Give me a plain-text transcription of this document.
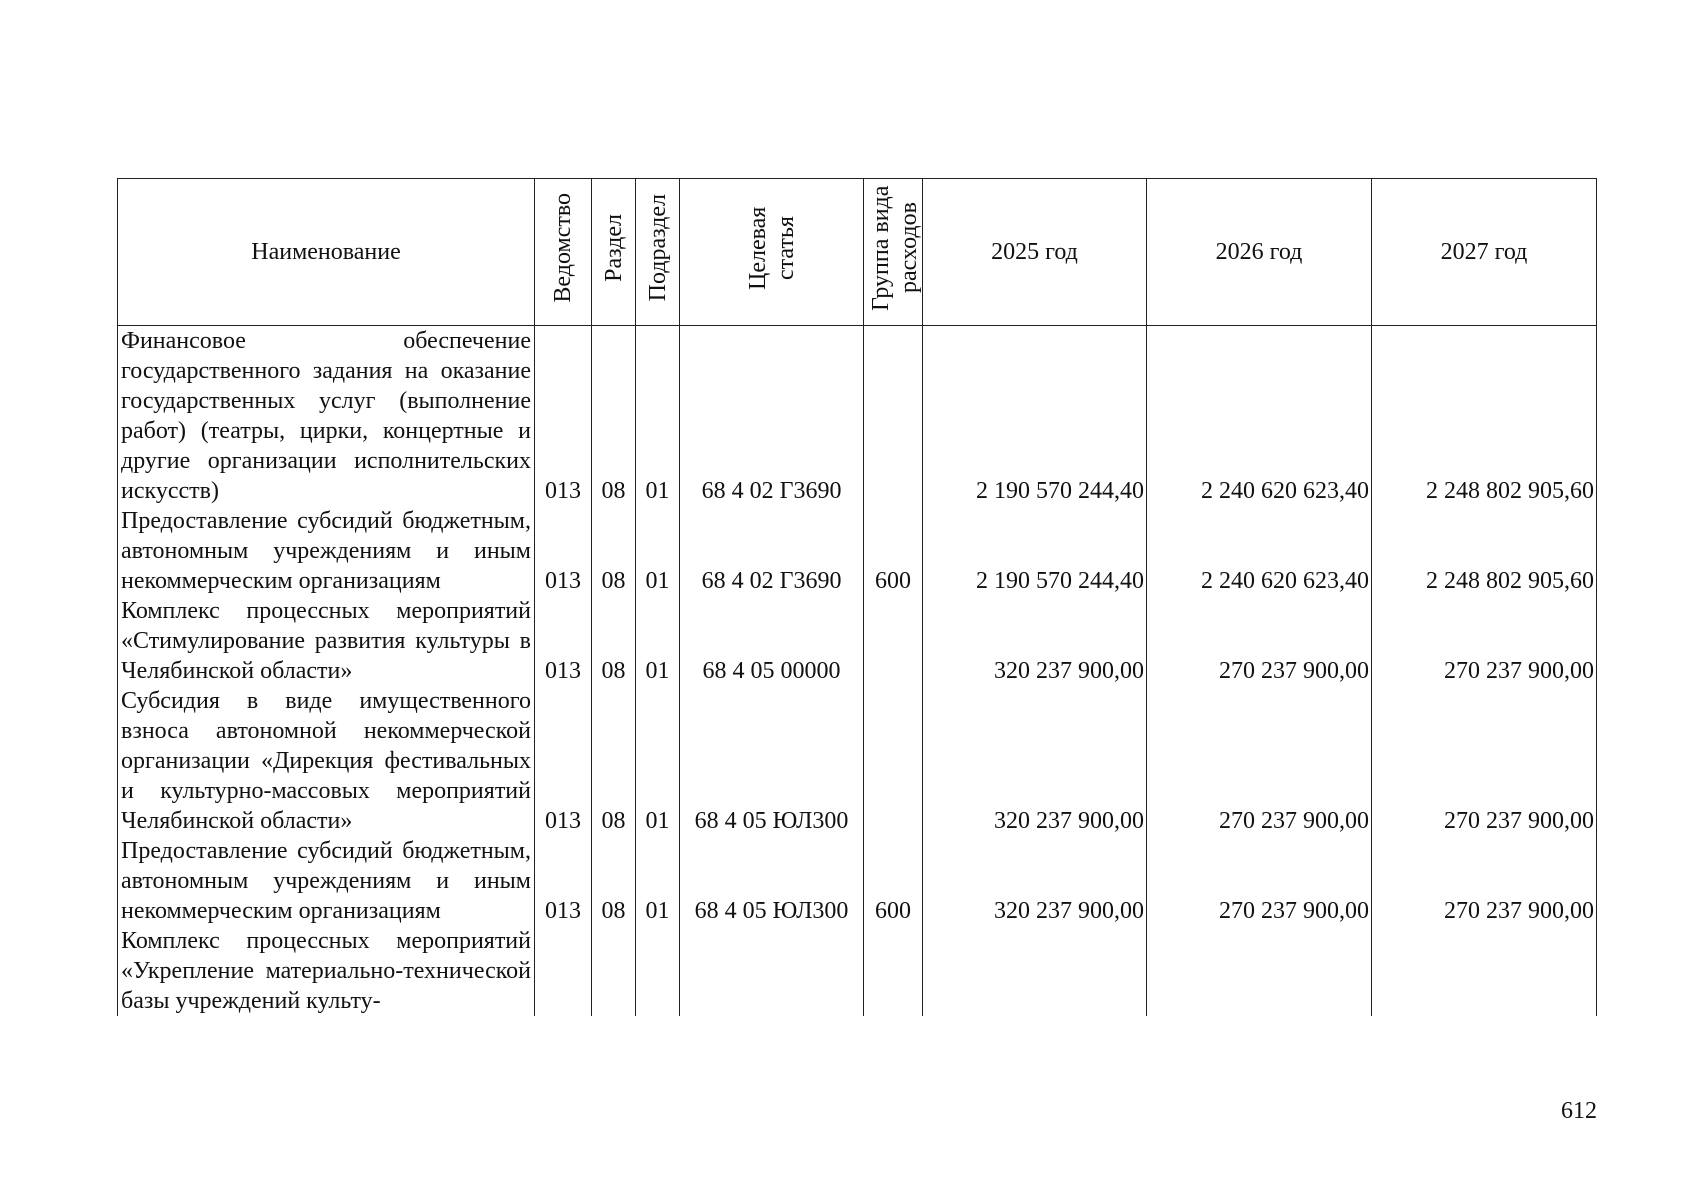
Наименование	Ведомство	Раздел	Подраздел	Целевая статья	Группа вида расходов	2025 год	2026 год	2027 год

Финансовое обеспечение государственного задания на оказание государственных услуг (выполнение работ) (театры, цирки, концертные и другие организации исполнительских искусств)	013	08	01	68 4 02 Г3690		2 190 570 244,40	2 240 620 623,40	2 248 802 905,60

Предоставление субсидий бюджетным, автономным учреждениям и иным некоммерческим организациям	013	08	01	68 4 02 Г3690	600	2 190 570 244,40	2 240 620 623,40	2 248 802 905,60

Комплекс процессных мероприятий «Стимулирование развития культуры в Челябинской области»	013	08	01	68 4 05 00000		320 237 900,00	270 237 900,00	270 237 900,00

Субсидия в виде имущественного взноса автономной некоммерческой организации «Дирекция фестивальных и культурно-массовых мероприятий Челябинской области»	013	08	01	68 4 05 ЮЛ300		320 237 900,00	270 237 900,00	270 237 900,00

Предоставление субсидий бюджетным, автономным учреждениям и иным некоммерческим организациям	013	08	01	68 4 05 ЮЛ300	600	320 237 900,00	270 237 900,00	270 237 900,00

Комплекс процессных мероприятий «Укрепление материально-технической базы учреждений культу-								

612
